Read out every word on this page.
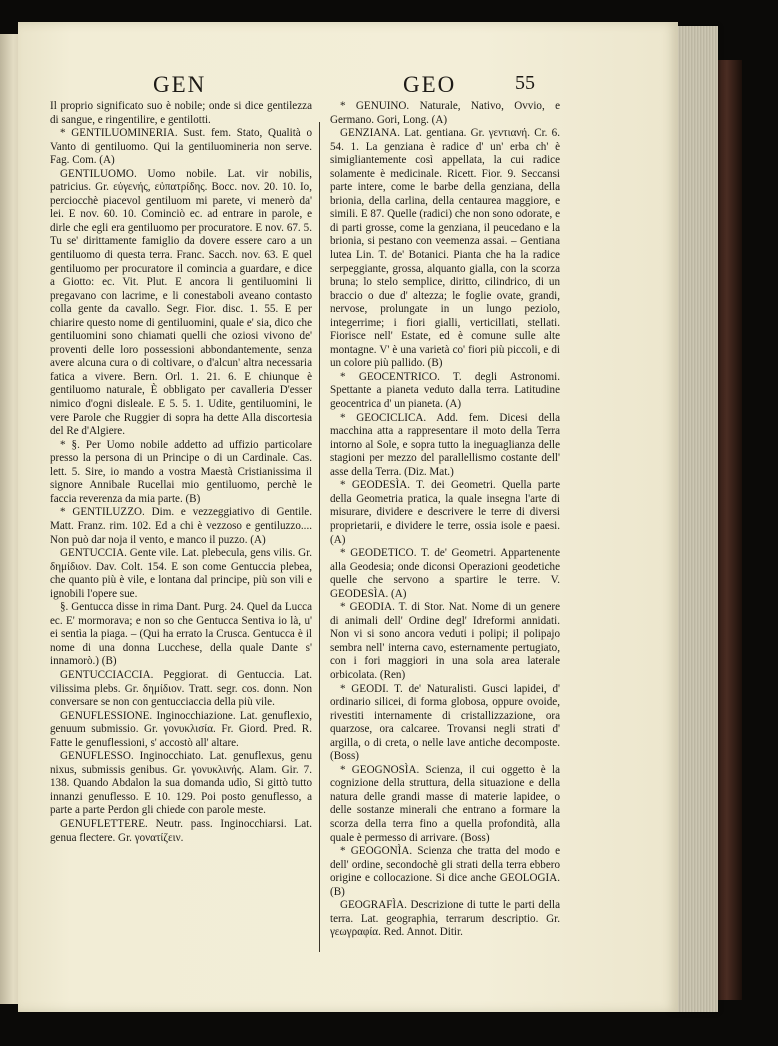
GEN	GEO	55

Il proprio significato suo è nobile; onde si dice gentilezza di sangue, e ringentilire, e gentilotti.

* GENTILUOMINERIA. Sust. fem. Stato, Qualità o Vanto di gentiluomo. Qui la gentiluomineria non serve. Fag. Com. (A)

GENTILUOMO. Uomo nobile. Lat. vir nobilis, patricius. Gr. εὐγενής, εὐπατρίδης. Bocc. nov. 20. 10. Io, perciocchè piacevol gentiluom mi parete, vi menerò da' lei. E nov. 60. 10. Cominciò ec. ad entrare in parole, e dirle che egli era gentiluomo per procuratore. E nov. 67. 5. Tu se' dirittamente famiglio da dovere essere caro a un gentiluomo di questa terra. Franc. Sacch. nov. 63. E quel gentiluomo per procuratore il comincia a guardare, e dice a Giotto: ec. Vit. Plut. E ancora li gentiluomini li pregavano con lacrime, e li conestaboli aveano contasto colla gente da cavallo. Segr. Fior. disc. 1. 55. E per chiarire questo nome di gentiluomini, quale e' sia, dico che gentiluomini sono chiamati quelli che oziosi vivono de' proventi delle loro possessioni abbondantemente, senza avere alcuna cura o di coltivare, o d'alcun' altra necessaria fatica a vivere. Bern. Orl. 1. 21. 6. E chiunque è gentiluomo naturale, È obbligato per cavalleria D'esser nimico d'ogni disleale. E 5. 5. 1. Udite, gentiluomini, le vere Parole che Ruggier di sopra ha dette Alla discortesia del Re d'Algiere.

* §. Per Uomo nobile addetto ad uffizio particolare presso la persona di un Principe o di un Cardinale. Cas. lett. 5. Sire, io mando a vostra Maestà Cristianissima il signore Annibale Rucellai mio gentiluomo, perchè le faccia reverenza da mia parte. (B)

* GENTILUZZO. Dim. e vezzeggiativo di Gentile. Matt. Franz. rim. 102. Ed a chi è vezzoso e gentiluzzo.... Non può dar noja il vento, e manco il puzzo. (A)

GENTUCCIA. Gente vile. Lat. plebecula, gens vilis. Gr. δημίδιον. Dav. Colt. 154. E son come Gentuccia plebea, che quanto più è vile, e lontana dal principe, più son vili e ignobili l'opere sue.

§. Gentucca disse in rima Dant. Purg. 24. Quel da Lucca ec. E' mormorava; e non so che Gentucca Sentiva io là, u' ei sentìa la piaga. – (Qui ha errato la Crusca. Gentucca è il nome di una donna Lucchese, della quale Dante s' innamorò.) (B)

GENTUCCIACCIA. Peggiorat. di Gentuccia. Lat. vilissima plebs. Gr. δημίδιον. Tratt. segr. cos. donn. Non conversare se non con gentucciaccia della più vile.

GENUFLESSIONE. Inginocchiazione. Lat. genuflexio, genuum submissio. Gr. γονυκλισία. Fr. Giord. Pred. R. Fatte le genuflessioni, s' accostò all' altare.

GENUFLESSO. Inginocchiato. Lat. genuflexus, genu nixus, submissis genibus. Gr. γονυκλινής. Alam. Gir. 7. 138. Quando Abdalon la sua domanda udìo, Si gittò tutto innanzi genuflesso. E 10. 129. Poi posto genuflesso, a parte a parte Perdon gli chiede con parole meste.

GENUFLETTERE. Neutr. pass. Inginocchiarsi. Lat. genua flectere. Gr. γονατίζειν.

* GENUINO. Naturale, Nativo, Ovvio, e Germano. Gori, Long. (A)

GENZIANA. Lat. gentiana. Gr. γεντιανή. Cr. 6. 54. 1. La genziana è radice d' un' erba ch' è simigliantemente così appellata, la cui radice solamente è medicinale. Ricett. Fior. 9. Seccansi parte intere, come le barbe della genziana, della brionia, della carlina, della centaurea maggiore, e simili. E 87. Quelle (radici) che non sono odorate, e di parti grosse, come la genziana, il peucedano e la brionia, si pestano con veemenza assai. – Gentiana lutea Lin. T. de' Botanici. Pianta che ha la radice serpeggiante, grossa, alquanto gialla, con la scorza bruna; lo stelo semplice, diritto, cilindrico, di un braccio o due d' altezza; le foglie ovate, grandi, nervose, prolungate in un lungo peziolo, integerrime; i fiori gialli, verticillati, stellati. Fiorisce nell' Estate, ed è comune sulle alte montagne. V' è una varietà co' fiori più piccoli, e di un colore più pallido. (B)

* GEOCENTRICO. T. degli Astronomi. Spettante a pianeta veduto dalla terra. Latitudine geocentrica d' un pianeta. (A)

* GEOCICLICA. Add. fem. Dicesi della macchina atta a rappresentare il moto della Terra intorno al Sole, e sopra tutto la ineguaglianza delle stagioni per mezzo del parallellismo costante dell' asse della Terra. (Diz. Mat.)

* GEODESÌA. T. dei Geometri. Quella parte della Geometria pratica, la quale insegna l'arte di misurare, dividere e descrivere le terre di diversi proprietarii, e dividere le terre, ossia isole e paesi. (A)

* GEODETICO. T. de' Geometri. Appartenente alla Geodesia; onde diconsi Operazioni geodetiche quelle che servono a spartire le terre. V. GEODESÌA. (A)

* GEODIA. T. di Stor. Nat. Nome di un genere di animali dell' Ordine degl' Idreformi annidati. Non vi si sono ancora veduti i polipi; il polipajo sembra nell' interna cavo, esternamente pertugiato, con i fori maggiori in una sola area laterale orbicolata. (Ren)

* GEODI. T. de' Naturalisti. Gusci lapidei, d' ordinario silicei, di forma globosa, oppure ovoide, rivestiti internamente di cristallizzazione, ora quarzose, ora calcaree. Trovansi negli strati d' argilla, o di creta, o nelle lave antiche decomposte. (Boss)

* GEOGNOSÌA. Scienza, il cui oggetto è la cognizione della struttura, della situazione e della natura delle grandi masse di materie lapidee, o delle sostanze minerali che entrano a formare la scorza della terra fino a quella profondità, alla quale è permesso di arrivare. (Boss)

* GEOGONÌA. Scienza che tratta del modo e dell' ordine, secondochè gli strati della terra ebbero origine e collocazione. Si dice anche GEOLOGIA. (B)

GEOGRAFÌA. Descrizione di tutte le parti della terra. Lat. geographia, terrarum descriptio. Gr. γεωγραφία. Red. Annot. Ditir.
